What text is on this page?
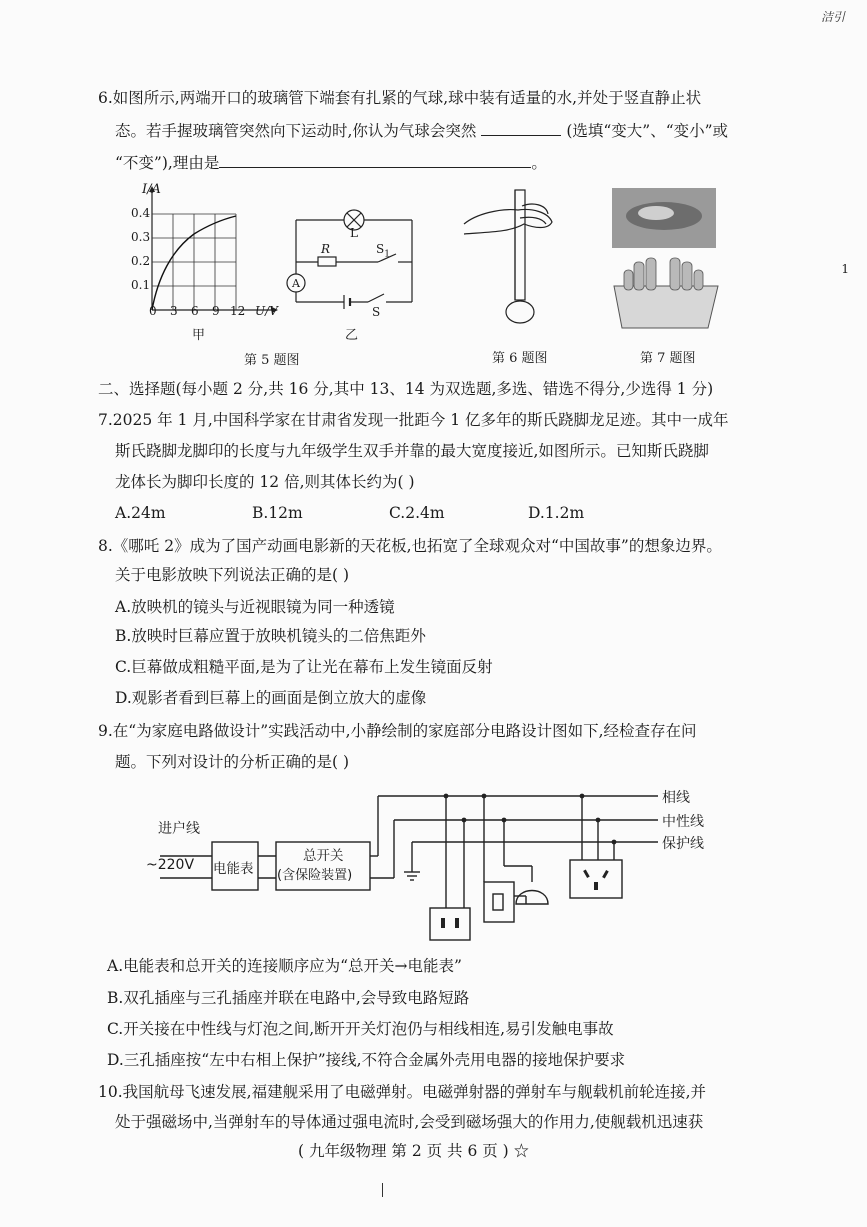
洁引
1
6.如图所示,两端开口的玻璃管下端套有扎紧的气球,球中装有适量的水,并处于竖直静止状
态。若手握玻璃管突然向下运动时,你认为气球会突然	(选填“变大”、“变小”或
“不变”),理由是	。
I/A
0.4
0.3
0.2
0.1
0 3 6 9 12 U/V
甲
L
R	$S_1$
A
S
乙
第 5 题图	第 6 题图	第 7 题图
二、选择题(每小题 2 分,共 16 分,其中 13、14 为双选题,多选、错选不得分,少选得 1 分)
7.2025 年 1 月,中国科学家在甘肃省发现一批距今 1 亿多年的斯氏跷脚龙足迹。其中一成年
斯氏跷脚龙脚印的长度与九年级学生双手并靠的最大宽度接近,如图所示。已知斯氏跷脚
龙体长为脚印长度的 12 倍,则其体长约为( )
A.24m	B.12m	C.2.4m	D.1.2m
8.《哪吒 2》成为了国产动画电影新的天花板,也拓宽了全球观众对“中国故事”的想象边界。
关于电影放映下列说法正确的是( )
A.放映机的镜头与近视眼镜为同一种透镜
B.放映时巨幕应置于放映机镜头的二倍焦距外
C.巨幕做成粗糙平面,是为了让光在幕布上发生镜面反射
D.观影者看到巨幕上的画面是倒立放大的虚像
9.在“为家庭电路做设计”实践活动中,小静绘制的家庭部分电路设计图如下,经检查存在问
题。下列对设计的分析正确的是( )
进户线
~220V 电能表
总开关
(含保险装置)
相线
中性线
保护线
A.电能表和总开关的连接顺序应为“总开关→电能表”
B.双孔插座与三孔插座并联在电路中,会导致电路短路
C.开关接在中性线与灯泡之间,断开开关灯泡仍与相线相连,易引发触电事故
D.三孔插座按“左中右相上保护”接线,不符合金属外壳用电器的接地保护要求
10.我国航母飞速发展,福建舰采用了电磁弹射。电磁弹射器的弹射车与舰载机前轮连接,并
处于强磁场中,当弹射车的导体通过强电流时,会受到磁场强大的作用力,使舰载机迅速获
( 九年级物理 第 2 页 共 6 页 ) ☆
